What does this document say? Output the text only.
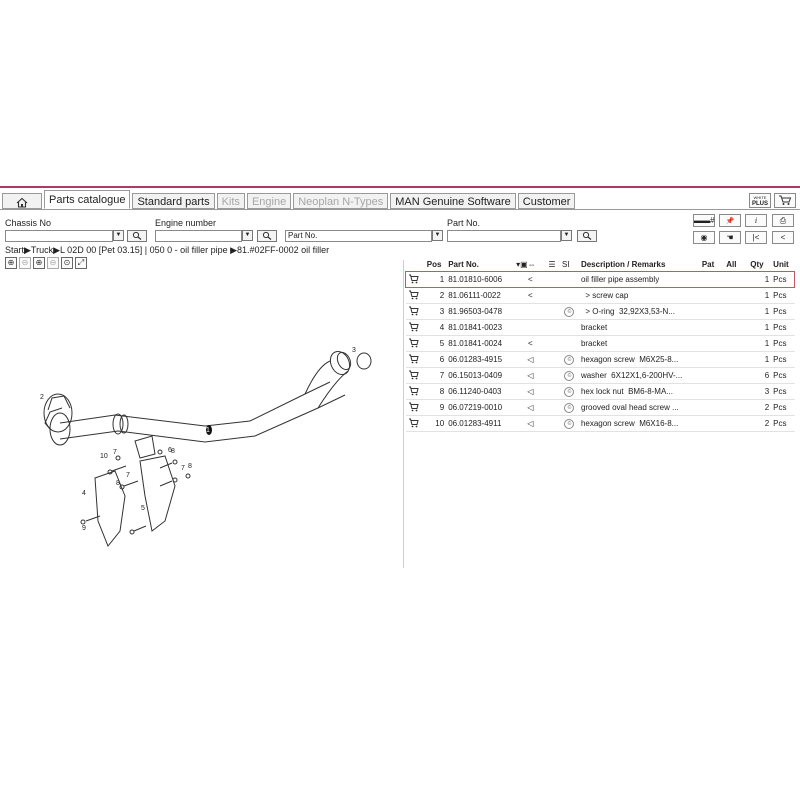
Parts catalogue	Standard parts	Kits	Engine	Neoplan N-Types	MAN Genuine Software	Customer	WHITE
PLUS
Chassis No
▼
Engine number
▼
Part No.
Part No.	▼	▼
▬▬#	📌	i	⎙
◉	☚	|<	<
Start▶Truck▶L 02D 00 [Pet 03.15] | 050 0 - oil filler pipe ▶81.#02FF-0002 oil filler
⊕ ⊖ ⊕ ⊖ ⊙ ⤢
1
2
3
4
5
6
7
7
7
8
8
8
9
10
	Pos	Part No.	▾▣⇔	☰	SI	Description / Remarks	Pat	All	Qty	Unit
	1	81.01810-6006	<			oil filler pipe assembly			1	Pcs
	2	81.06111-0022	<			> screw cap			1	Pcs
	3	81.96503-0478			©	> O-ring  32,92X3,53-N...			1	Pcs
	4	81.01841-0023				bracket			1	Pcs
	5	81.01841-0024	<			bracket			1	Pcs
	6	06.01283-4915	◁		©	hexagon screw  M6X25-8...			1	Pcs
	7	06.15013-0409	◁		©	washer  6X12X1,6-200HV-...			6	Pcs
	8	06.11240-0403	◁		©	hex lock nut  BM6-8-MA...			3	Pcs
	9	06.07219-0010	◁		©	grooved oval head screw ...			2	Pcs
	10	06.01283-4911	◁		©	hexagon screw  M6X16-8...			2	Pcs
